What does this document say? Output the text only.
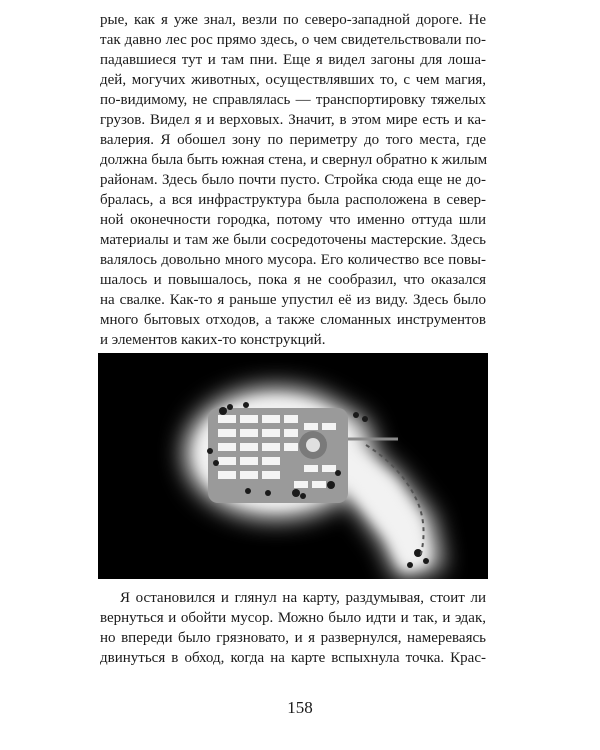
рые, как я уже знал, везли по северо-западной дороге. Не
так давно лес рос прямо здесь, о чем свидетельствовали по-
падавшиеся тут и там пни. Еще я видел загоны для лоша-
дей, могучих животных, осуществлявших то, с чем магия,
по-видимому, не справлялась — транспортировку тяжелых
грузов. Видел я и верховых. Значит, в этом мире есть и ка-
валерия. Я обошел зону по периметру до того места, где
должна была быть южная стена, и свернул обратно к жилым
районам. Здесь было почти пусто. Стройка сюда еще не до-
бралась, а вся инфраструктура была расположена в север-
ной оконечности городка, потому что именно оттуда шли
материалы и там же были сосредоточены мастерские. Здесь
валялось довольно много мусора. Его количество все повы-
шалось и повышалось, пока я не сообразил, что оказался
на свалке. Как-то я раньше упустил её из виду. Здесь было
много бытовых отходов, а также сломанных инструментов
и элементов каких-то конструкций.
Я остановился и глянул на карту, раздумывая, стоит ли
вернуться и обойти мусор. Можно было идти и так, и эдак,
но впереди было грязновато, и я развернулся, намереваясь
двинуться в обход, когда на карте вспыхнула точка. Крас-
158
